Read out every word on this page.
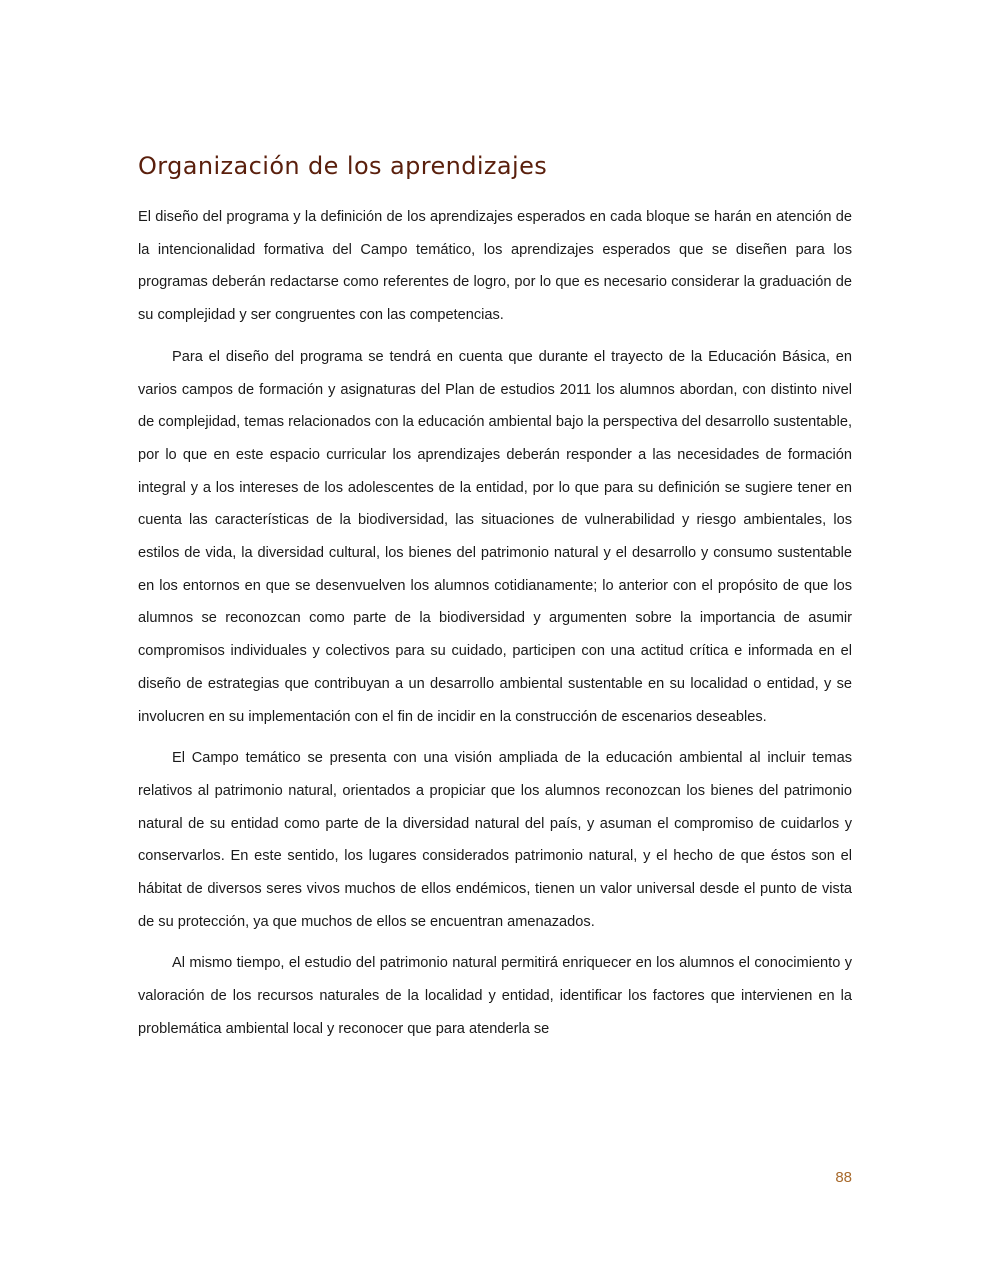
Organización de los aprendizajes

El diseño del programa y la definición de los aprendizajes esperados en cada bloque se harán en atención de la intencionalidad formativa del Campo temático, los aprendizajes esperados que se diseñen para los programas deberán redactarse como referentes de logro, por lo que es necesario considerar la graduación de su complejidad y ser congruentes con las competencias.

Para el diseño del programa se tendrá en cuenta que durante el trayecto de la Educación Básica, en varios campos de formación y asignaturas del Plan de estudios 2011 los alumnos abordan, con distinto nivel de complejidad, temas relacionados con la educación ambiental bajo la perspectiva del desarrollo sustentable, por lo que en este espacio curricular los aprendizajes deberán responder a las necesidades de formación integral y a los intereses de los adolescentes de la entidad, por lo que para su definición se sugiere tener en cuenta las características de la biodiversidad, las situaciones de vulnerabilidad y riesgo ambientales, los estilos de vida, la diversidad cultural, los bienes del patrimonio natural y el desarrollo y consumo sustentable en los entornos en que se desenvuelven los alumnos cotidianamente; lo anterior con el propósito de que los alumnos se reconozcan como parte de la biodiversidad y argumenten sobre la importancia de asumir compromisos individuales y colectivos para su cuidado, participen con una actitud crítica e informada en el diseño de estrategias que contribuyan a un desarrollo ambiental sustentable en su localidad o entidad, y se involucren en su implementación con el fin de incidir en la construcción de escenarios deseables.

El Campo temático se presenta con una visión ampliada de la educación ambiental al incluir temas relativos al patrimonio natural, orientados a propiciar que los alumnos reconozcan los bienes del patrimonio natural de su entidad como parte de la diversidad natural del país, y asuman el compromiso de cuidarlos y conservarlos. En este sentido, los lugares considerados patrimonio natural, y el hecho de que éstos son el hábitat de diversos seres vivos muchos de ellos endémicos, tienen un valor universal desde el punto de vista de su protección, ya que muchos de ellos se encuentran amenazados.

Al mismo tiempo, el estudio del patrimonio natural permitirá enriquecer en los alumnos el conocimiento y valoración de los recursos naturales de la localidad y entidad, identificar los factores que intervienen en la problemática ambiental local y reconocer que para atenderla se

88
